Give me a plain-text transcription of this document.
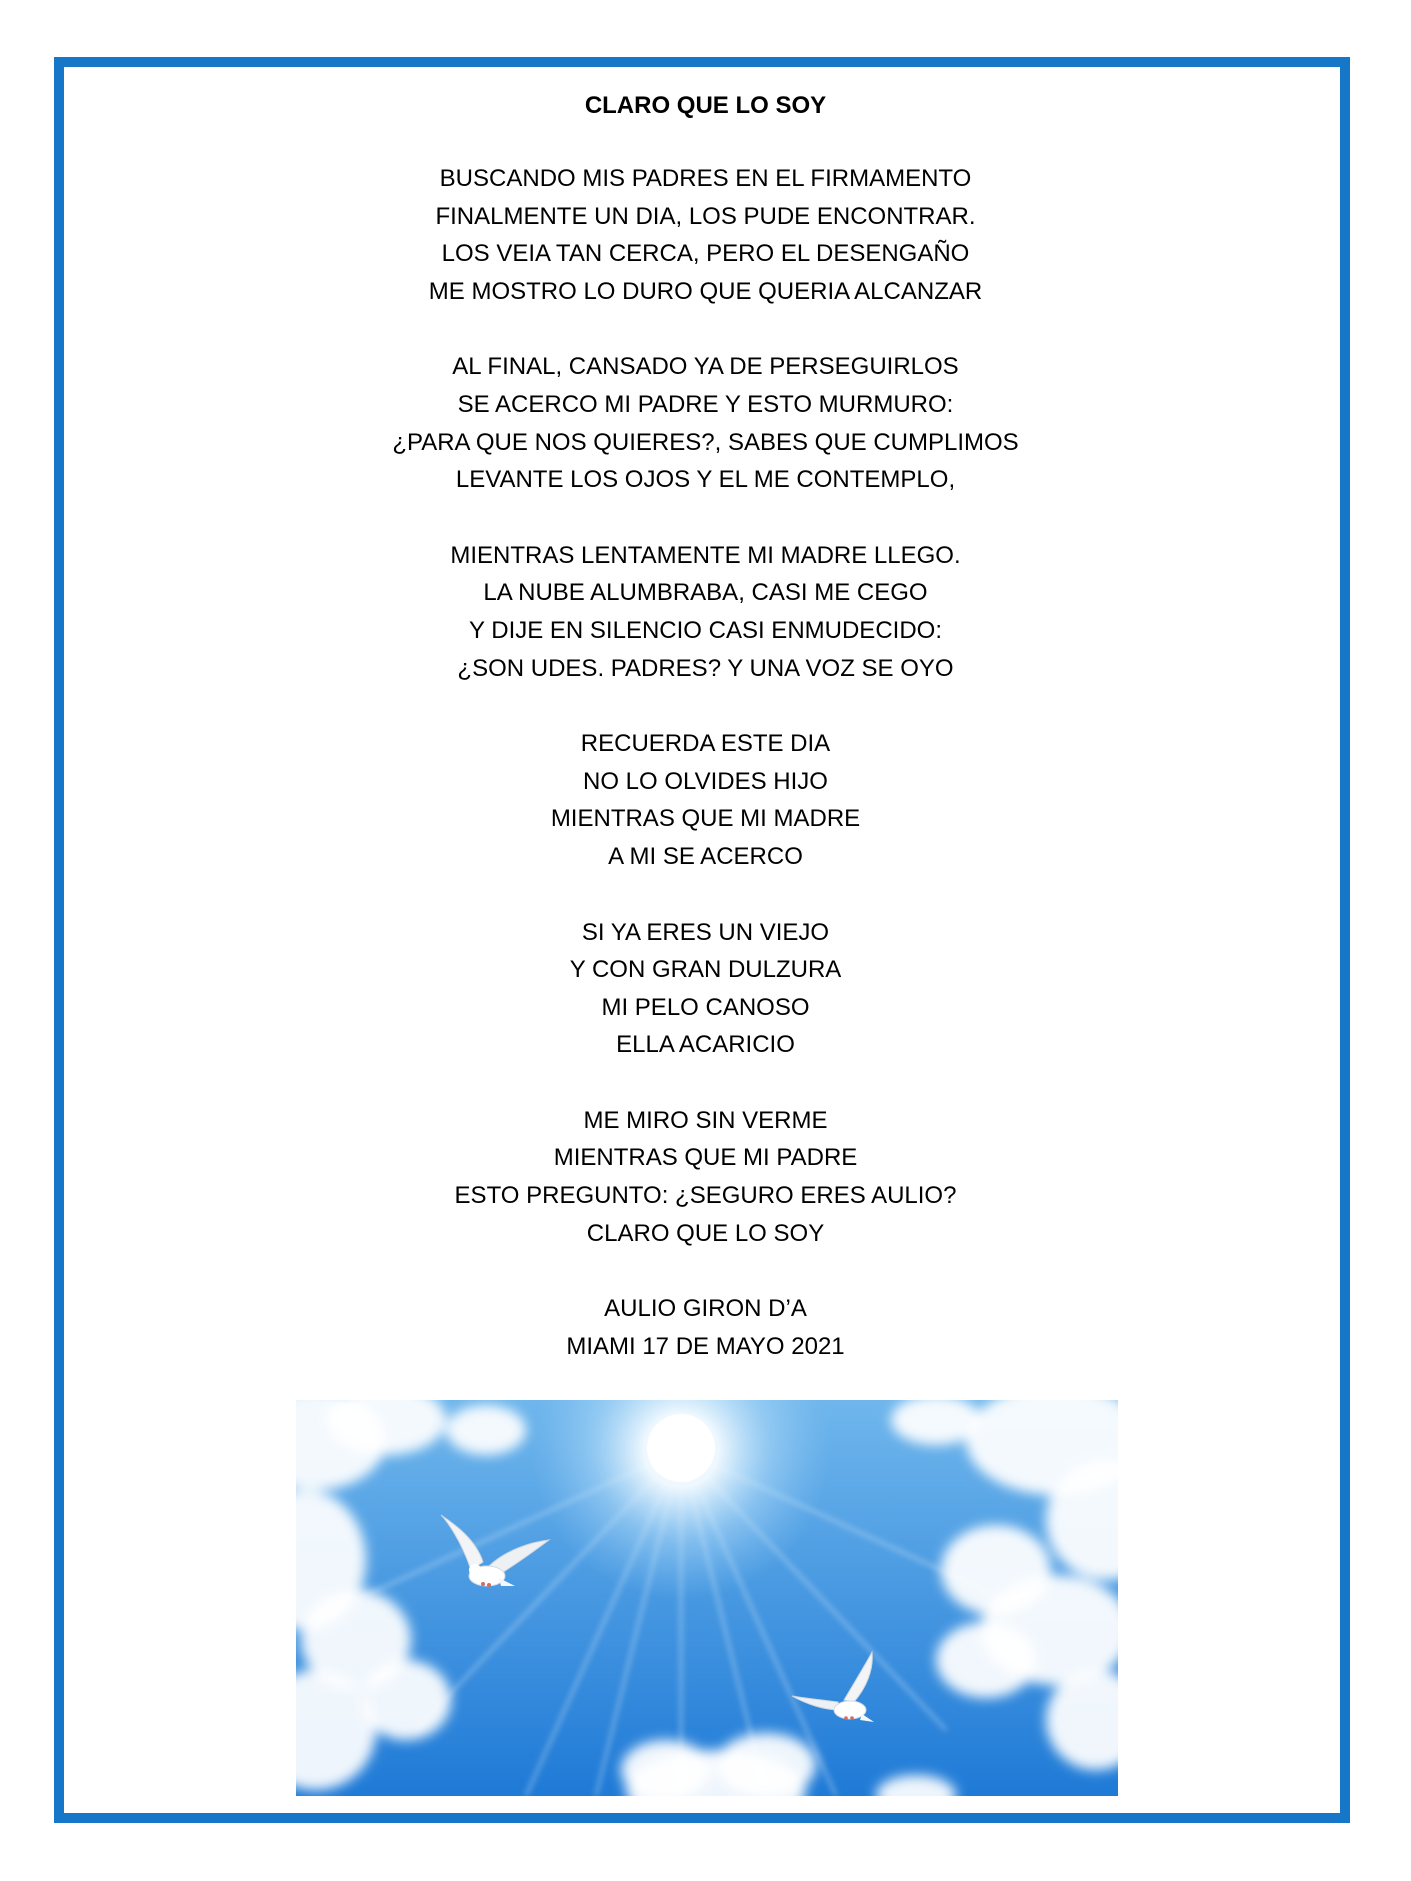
CLARO QUE LO SOY
BUSCANDO MIS PADRES EN EL FIRMAMENTO
FINALMENTE UN DIA, LOS PUDE ENCONTRAR.
LOS VEIA TAN CERCA, PERO EL DESENGAÑO
ME MOSTRO LO DURO QUE QUERIA ALCANZAR
AL FINAL, CANSADO YA DE PERSEGUIRLOS
SE ACERCO MI PADRE Y ESTO MURMURO:
¿PARA QUE NOS QUIERES?, SABES QUE CUMPLIMOS
LEVANTE LOS OJOS Y EL ME CONTEMPLO,
MIENTRAS LENTAMENTE MI MADRE LLEGO.
LA NUBE ALUMBRABA, CASI ME CEGO
Y DIJE EN SILENCIO CASI ENMUDECIDO:
¿SON UDES. PADRES? Y UNA VOZ SE OYO
RECUERDA ESTE DIA
NO LO OLVIDES HIJO
MIENTRAS QUE MI MADRE
A MI SE ACERCO
SI YA ERES UN VIEJO
Y CON GRAN DULZURA
MI PELO CANOSO
ELLA ACARICIO
ME MIRO SIN VERME
MIENTRAS QUE MI PADRE
ESTO PREGUNTO: ¿SEGURO ERES AULIO?
CLARO QUE LO SOY
AULIO GIRON D’A
MIAMI 17 DE MAYO 2021
